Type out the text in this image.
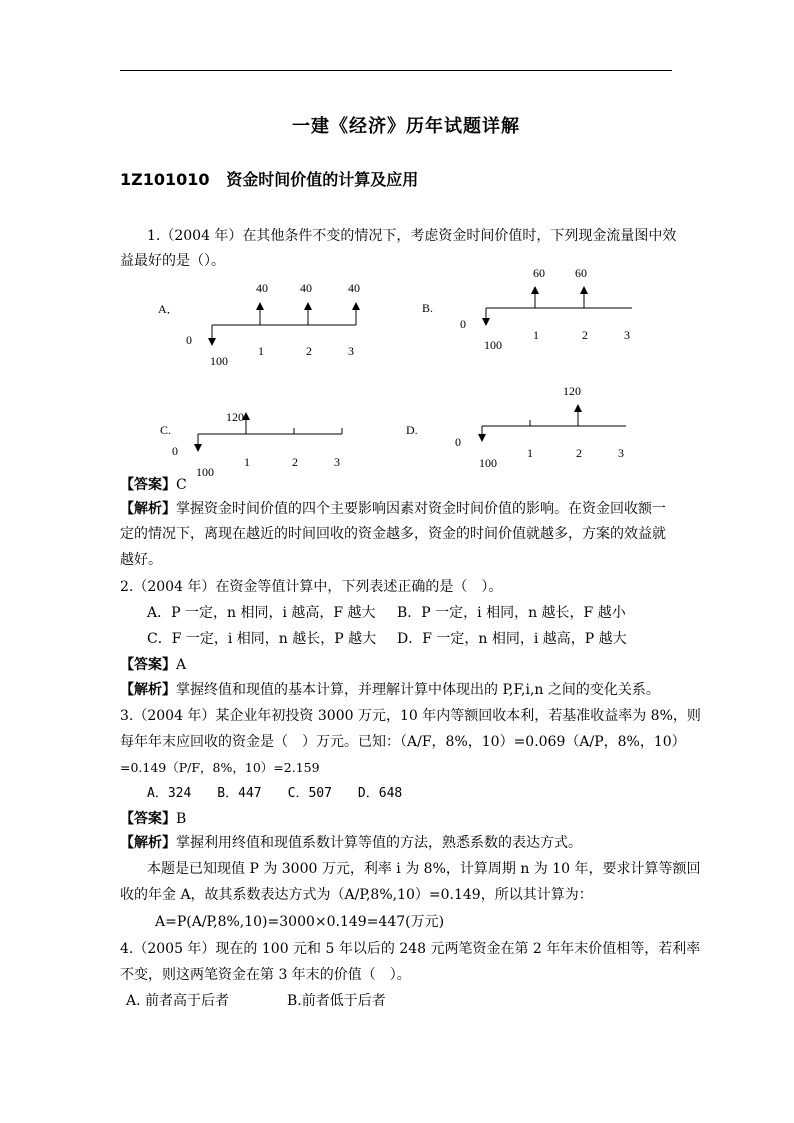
一建《经济》历年试题详解
1Z101010 资金时间价值的计算及应用
1.（2004 年）在其他条件不变的情况下，考虑资金时间价值时，下列现金流量图中效
益最好的是（）。
A．
40	40	40
0
100
1	2	3
B.
60	60
0
100
1	2	3
C.
120
0
100
1	2	3
D.
120
0
100
1	2	3
【答案】C
【解析】掌握资金时间价值的四个主要影响因素对资金时间价值的影响。在资金回收额一
定的情况下，离现在越近的时间回收的资金越多，资金的时间价值就越多，方案的效益就
越好。
2.（2004 年）在资金等值计算中，下列表述正确的是（　）。
A．P 一定，n 相同，i 越高，F 越大 B．P 一定，i 相同，n 越长，F 越小
C．F 一定，i 相同，n 越长，P 越大 D．F 一定，n 相同，i 越高，P 越大
【答案】A
【解析】掌握终值和现值的基本计算，并理解计算中体现出的 P,F,i,n 之间的变化关系。
3.（2004 年）某企业年初投资 3000 万元，10 年内等额回收本利，若基准收益率为 8%，则
每年年末应回收的资金是（　）万元。已知：（A/F，8%，10）=0.069（A/P，8%，10）
=0.149（P/F，8%，10）=2.159
A．324　　B．447　　C．507　　D．648
【答案】B
【解析】掌握利用终值和现值系数计算等值的方法，熟悉系数的表达方式。
本题是已知现值 P 为 3000 万元，利率 i 为 8%，计算周期 n 为 10 年，要求计算等额回
收的年金 A，故其系数表达方式为（A/P,8%,10）=0.149，所以其计算为：
A=P(A/P,8%,10)=3000×0.149=447(万元)
4.（2005 年）现在的 100 元和 5 年以后的 248 元两笔资金在第 2 年年末价值相等，若利率
不变，则这两笔资金在第 3 年末的价值（　）。
A. 前者高于后者	B.前者低于后者
